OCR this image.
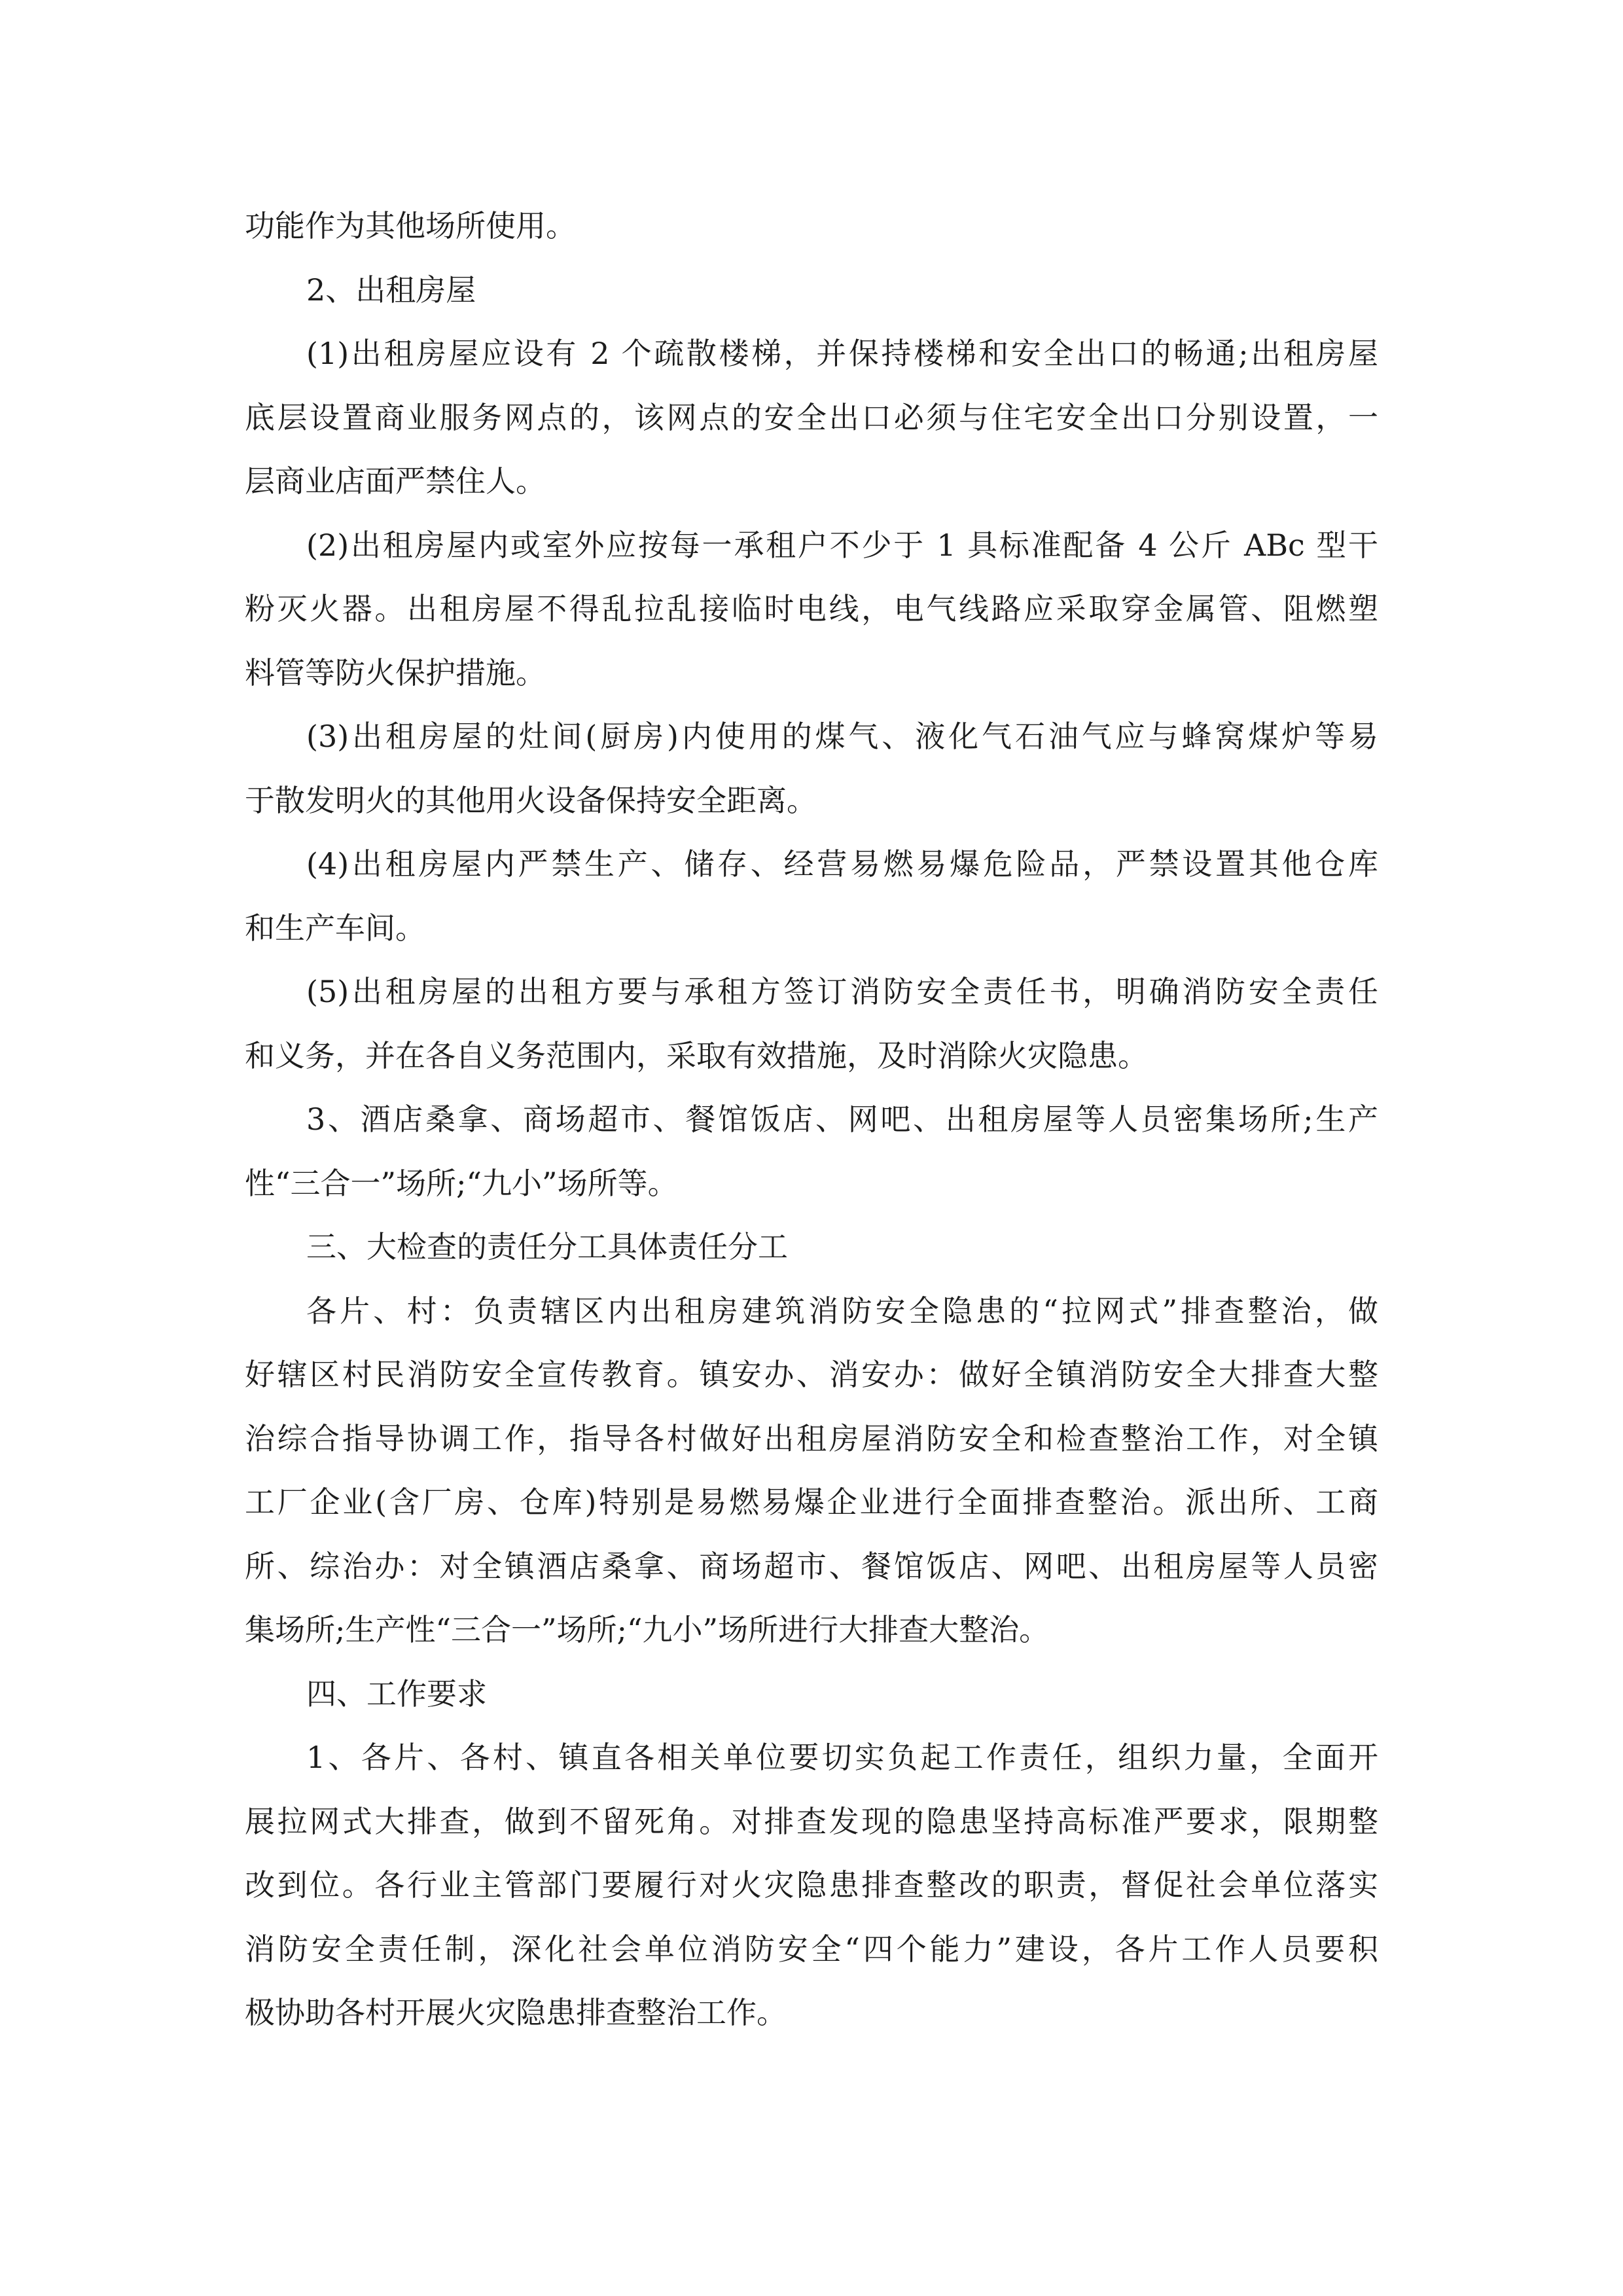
功能作为其他场所使用。
2、出租房屋
(1)出租房屋应设有 2 个疏散楼梯，并保持楼梯和安全出口的畅通;出租房屋
底层设置商业服务网点的，该网点的安全出口必须与住宅安全出口分别设置，一
层商业店面严禁住人。
(2)出租房屋内或室外应按每一承租户不少于 1 具标准配备 4 公斤 ABc 型干
粉灭火器。出租房屋不得乱拉乱接临时电线，电气线路应采取穿金属管、阻燃塑
料管等防火保护措施。
(3)出租房屋的灶间(厨房)内使用的煤气、液化气石油气应与蜂窝煤炉等易
于散发明火的其他用火设备保持安全距离。
(4)出租房屋内严禁生产、储存、经营易燃易爆危险品，严禁设置其他仓库
和生产车间。
(5)出租房屋的出租方要与承租方签订消防安全责任书，明确消防安全责任
和义务，并在各自义务范围内，采取有效措施，及时消除火灾隐患。
3、酒店桑拿、商场超市、餐馆饭店、网吧、出租房屋等人员密集场所;生产
性“三合一”场所;“九小”场所等。
三、大检查的责任分工具体责任分工
各片、村：负责辖区内出租房建筑消防安全隐患的“拉网式”排查整治，做
好辖区村民消防安全宣传教育。镇安办、消安办：做好全镇消防安全大排查大整
治综合指导协调工作，指导各村做好出租房屋消防安全和检查整治工作，对全镇
工厂企业(含厂房、仓库)特别是易燃易爆企业进行全面排查整治。派出所、工商
所、综治办：对全镇酒店桑拿、商场超市、餐馆饭店、网吧、出租房屋等人员密
集场所;生产性“三合一”场所;“九小”场所进行大排查大整治。
四、工作要求
1、各片、各村、镇直各相关单位要切实负起工作责任，组织力量，全面开
展拉网式大排查，做到不留死角。对排查发现的隐患坚持高标准严要求，限期整
改到位。各行业主管部门要履行对火灾隐患排查整改的职责，督促社会单位落实
消防安全责任制，深化社会单位消防安全“四个能力”建设，各片工作人员要积
极协助各村开展火灾隐患排查整治工作。
